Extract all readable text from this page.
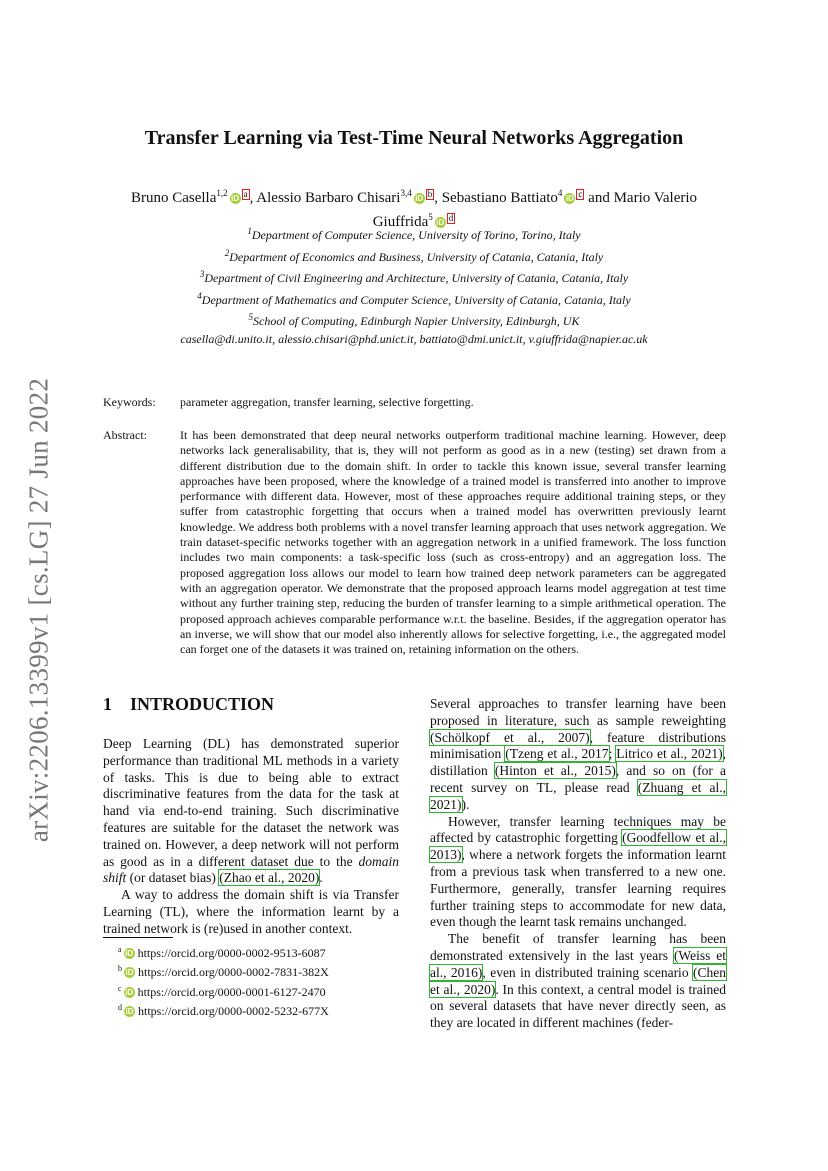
arXiv:2206.13399v1 [cs.LG] 27 Jun 2022
Transfer Learning via Test-Time Neural Networks Aggregation
Bruno Casella$^{1,2}$iD a , Alessio Barbaro Chisari$^{3,4}$iD b , Sebastiano Battiato$^4$iD c and Mario Valerio Giuffrida$^5$iD d
$^1$Department of Computer Science, University of Torino, Torino, Italy
$^2$Department of Economics and Business, University of Catania, Catania, Italy
$^3$Department of Civil Engineering and Architecture, University of Catania, Catania, Italy
$^4$Department of Mathematics and Computer Science, University of Catania, Catania, Italy
$^5$School of Computing, Edinburgh Napier University, Edinburgh, UK
casella@di.unito.it, alessio.chisari@phd.unict.it, battiato@dmi.unict.it, v.giuffrida@napier.ac.uk
Keywords: parameter aggregation, transfer learning, selective forgetting.
Abstract:	It has been demonstrated that deep neural networks outperform traditional machine learning. However, deep networks lack generalisability, that is, they will not perform as good as in a new (testing) set drawn from a different distribution due to the domain shift. In order to tackle this known issue, several transfer learning approaches have been proposed, where the knowledge of a trained model is transferred into another to improve performance with different data. However, most of these approaches require additional training steps, or they suffer from catastrophic forgetting that occurs when a trained model has overwritten previously learnt knowledge. We address both problems with a novel transfer learning approach that uses network aggregation. We train dataset-specific networks together with an aggregation network in a unified framework. The loss function includes two main components: a task-specific loss (such as cross-entropy) and an aggregation loss. The proposed aggregation loss allows our model to learn how trained deep network parameters can be aggregated with an aggregation operator. We demonstrate that the proposed approach learns model aggregation at test time without any further training step, reducing the burden of transfer learning to a simple arithmetical operation. The proposed approach achieves comparable performance w.r.t. the baseline. Besides, if the aggregation operator has an inverse, we will show that our model also inherently allows for selective forgetting, i.e., the aggregated model can forget one of the datasets it was trained on, retaining information on the others.
1 INTRODUCTION

Deep Learning (DL) has demonstrated superior performance than traditional ML methods in a variety of tasks. This is due to being able to extract discriminative features from the data for the task at hand via end-to-end training. Such discriminative features are suitable for the dataset the network was trained on. However, a deep network will not perform as good as in a different dataset due to the domain shift (or dataset bias) (Zhao et al., 2020).

A way to address the domain shift is via Transfer Learning (TL), where the information learnt by a trained network is (re)used in another context.

Several approaches to transfer learning have been proposed in literature, such as sample reweighting (Schölkopf et al., 2007), feature distributions minimisation (Tzeng et al., 2017; Litrico et al., 2021), distillation (Hinton et al., 2015), and so on (for a recent survey on TL, please read (Zhuang et al., 2021)).

However, transfer learning techniques may be affected by catastrophic forgetting (Goodfellow et al., 2013), where a network forgets the information learnt from a previous task when transferred to a new one. Furthermore, generally, transfer learning requires further training steps to accommodate for new data, even though the learnt task remains unchanged.

The benefit of transfer learning has been demonstrated extensively in the last years (Weiss et al., 2016), even in distributed training scenario (Chen et al., 2020). In this context, a central model is trained on several datasets that have never directly seen, as they are located in different machines (feder-

$^a$ iD https://orcid.org/0000-0002-9513-6087
$^b$ iD https://orcid.org/0000-0002-7831-382X
$^c$ iD https://orcid.org/0000-0001-6127-2470
$^d$ iD https://orcid.org/0000-0002-5232-677X
